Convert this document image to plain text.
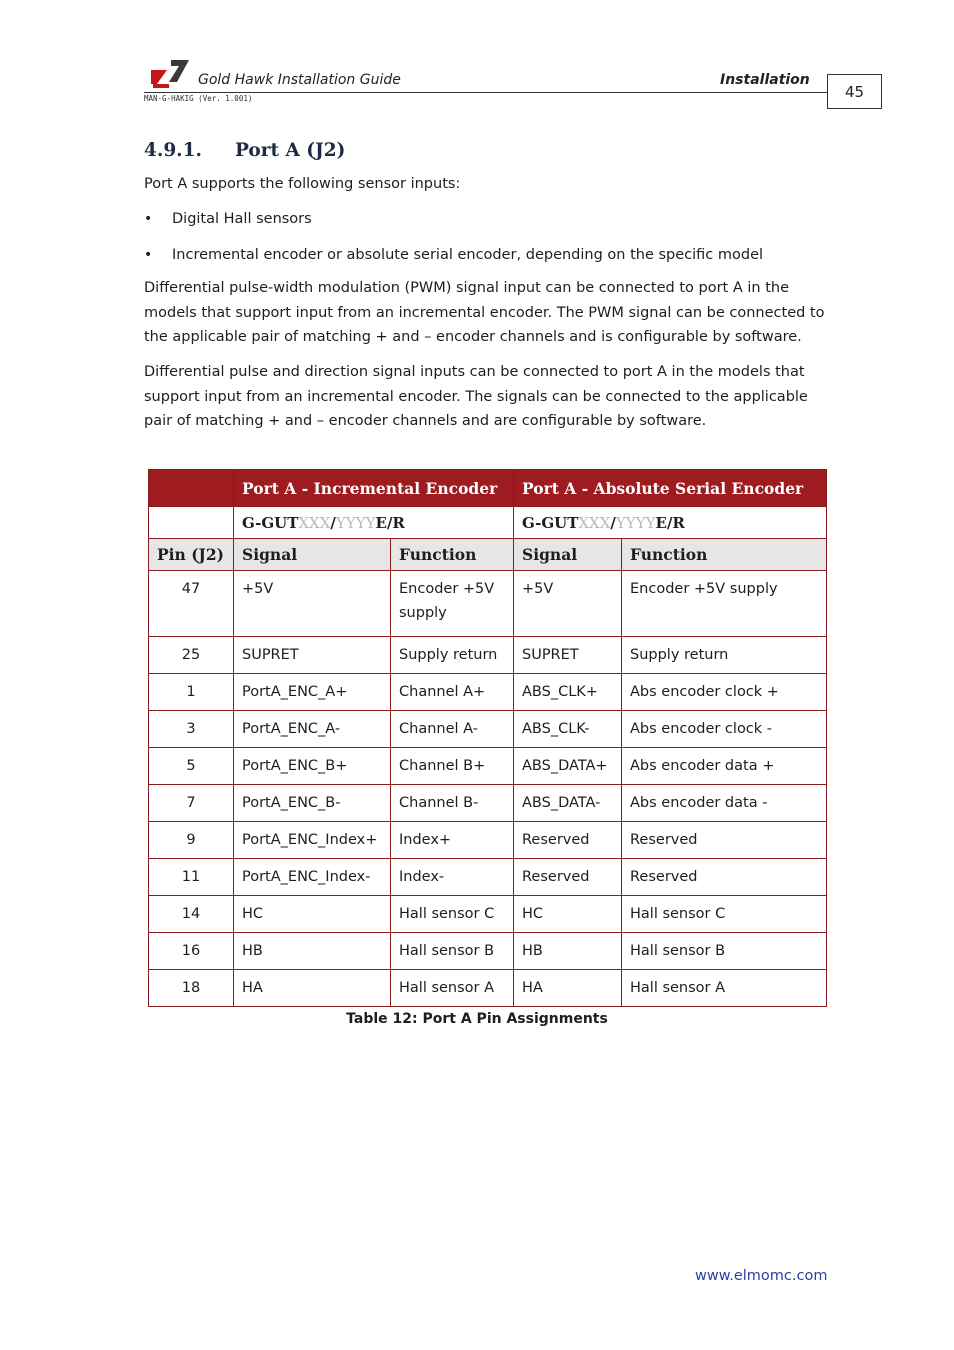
Gold Hawk Installation Guide	Installation
MAN-G-HAKIG (Ver. 1.001)	45
4.9.1. Port A (J2)
Port A supports the following sensor inputs:
• Digital Hall sensors
• Incremental encoder or absolute serial encoder, depending on the specific model
Differential pulse-width modulation (PWM) signal input can be connected to port A in the models that support input from an incremental encoder. The PWM signal can be connected to the applicable pair of matching + and – encoder channels and is configurable by software.
Differential pulse and direction signal inputs can be connected to port A in the models that support input from an incremental encoder. The signals can be connected to the applicable pair of matching + and – encoder channels and are configurable by software.
	Port A - Incremental Encoder		Port A - Absolute Serial Encoder	
	G-GUTXXX/YYYYE/R		G-GUTXXX/YYYYE/R	
Pin (J2)	Signal	Function	Signal	Function
47	+5V	Encoder +5V supply	+5V	Encoder +5V supply
25	SUPRET	Supply return	SUPRET	Supply return
1	PortA_ENC_A+	Channel A+	ABS_CLK+	Abs encoder clock +
3	PortA_ENC_A-	Channel A-	ABS_CLK-	Abs encoder clock -
5	PortA_ENC_B+	Channel B+	ABS_DATA+	Abs encoder data +
7	PortA_ENC_B-	Channel B-	ABS_DATA-	Abs encoder data -
9	PortA_ENC_Index+	Index+	Reserved	Reserved
11	PortA_ENC_Index-	Index-	Reserved	Reserved
14	HC	Hall sensor C	HC	Hall sensor C
16	HB	Hall sensor B	HB	Hall sensor B
18	HA	Hall sensor A	HA	Hall sensor A
Table 12: Port A Pin Assignments
www.elmomc.com
